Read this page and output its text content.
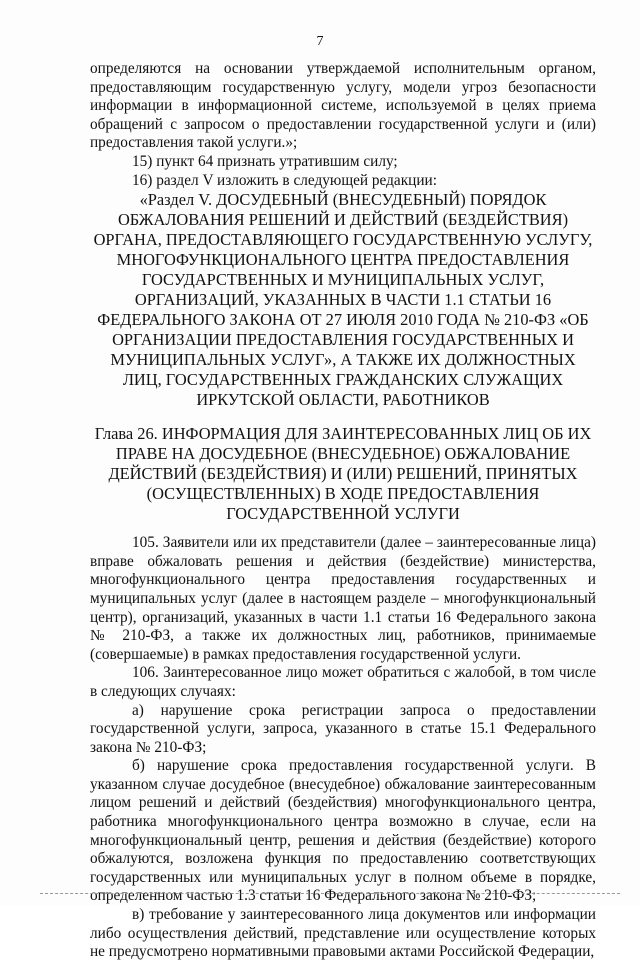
7

определяются на основании утверждаемой исполнительным органом, предоставляющим государственную услугу, модели угроз безопасности информации в информационной системе, используемой в целях приема обращений с запросом о предоставлении государственной услуги и (или) предоставления такой услуги.»;

15) пункт 64 признать утратившим силу;

16) раздел V изложить в следующей редакции:

«Раздел V. ДОСУДЕБНЫЙ (ВНЕСУДЕБНЫЙ) ПОРЯДОК ОБЖАЛОВАНИЯ РЕШЕНИЙ И ДЕЙСТВИЙ (БЕЗДЕЙСТВИЯ) ОРГАНА, ПРЕДОСТАВЛЯЮЩЕГО ГОСУДАРСТВЕННУЮ УСЛУГУ, МНОГОФУНКЦИОНАЛЬНОГО ЦЕНТРА ПРЕДОСТАВЛЕНИЯ ГОСУДАРСТВЕННЫХ И МУНИЦИПАЛЬНЫХ УСЛУГ, ОРГАНИЗАЦИЙ, УКАЗАННЫХ В ЧАСТИ 1.1 СТАТЬИ 16 ФЕДЕРАЛЬНОГО ЗАКОНА ОТ 27 ИЮЛЯ 2010 ГОДА № 210-ФЗ «ОБ ОРГАНИЗАЦИИ ПРЕДОСТАВЛЕНИЯ ГОСУДАРСТВЕННЫХ И МУНИЦИПАЛЬНЫХ УСЛУГ», А ТАКЖЕ ИХ ДОЛЖНОСТНЫХ ЛИЦ, ГОСУДАРСТВЕННЫХ ГРАЖДАНСКИХ СЛУЖАЩИХ ИРКУТСКОЙ ОБЛАСТИ, РАБОТНИКОВ

Глава 26. ИНФОРМАЦИЯ ДЛЯ ЗАИНТЕРЕСОВАННЫХ ЛИЦ ОБ ИХ ПРАВЕ НА ДОСУДЕБНОЕ (ВНЕСУДЕБНОЕ) ОБЖАЛОВАНИЕ ДЕЙСТВИЙ (БЕЗДЕЙСТВИЯ) И (ИЛИ) РЕШЕНИЙ, ПРИНЯТЫХ (ОСУЩЕСТВЛЕННЫХ) В ХОДЕ ПРЕДОСТАВЛЕНИЯ ГОСУДАРСТВЕННОЙ УСЛУГИ

105. Заявители или их представители (далее – заинтересованные лица) вправе обжаловать решения и действия (бездействие) министерства, многофункционального центра предоставления государственных и муниципальных услуг (далее в настоящем разделе – многофункциональный центр), организаций, указанных в части 1.1 статьи 16 Федерального закона № 210-ФЗ, а также их должностных лиц, работников, принимаемые (совершаемые) в рамках предоставления государственной услуги.

106. Заинтересованное лицо может обратиться с жалобой, в том числе в следующих случаях:

а) нарушение срока регистрации запроса о предоставлении государственной услуги, запроса, указанного в статье 15.1 Федерального закона № 210-ФЗ;

б) нарушение срока предоставления государственной услуги. В указанном случае досудебное (внесудебное) обжалование заинтересованным лицом решений и действий (бездействия) многофункционального центра, работника многофункционального центра возможно в случае, если на многофункциональный центр, решения и действия (бездействие) которого обжалуются, возложена функция по предоставлению соответствующих государственных или муниципальных услуг в полном объеме в порядке, определенном частью 1.3 статьи 16 Федерального закона № 210-ФЗ;

в) требование у заинтересованного лица документов или информации либо осуществления действий, представление или осуществление которых не предусмотрено нормативными правовыми актами Российской Федерации,
